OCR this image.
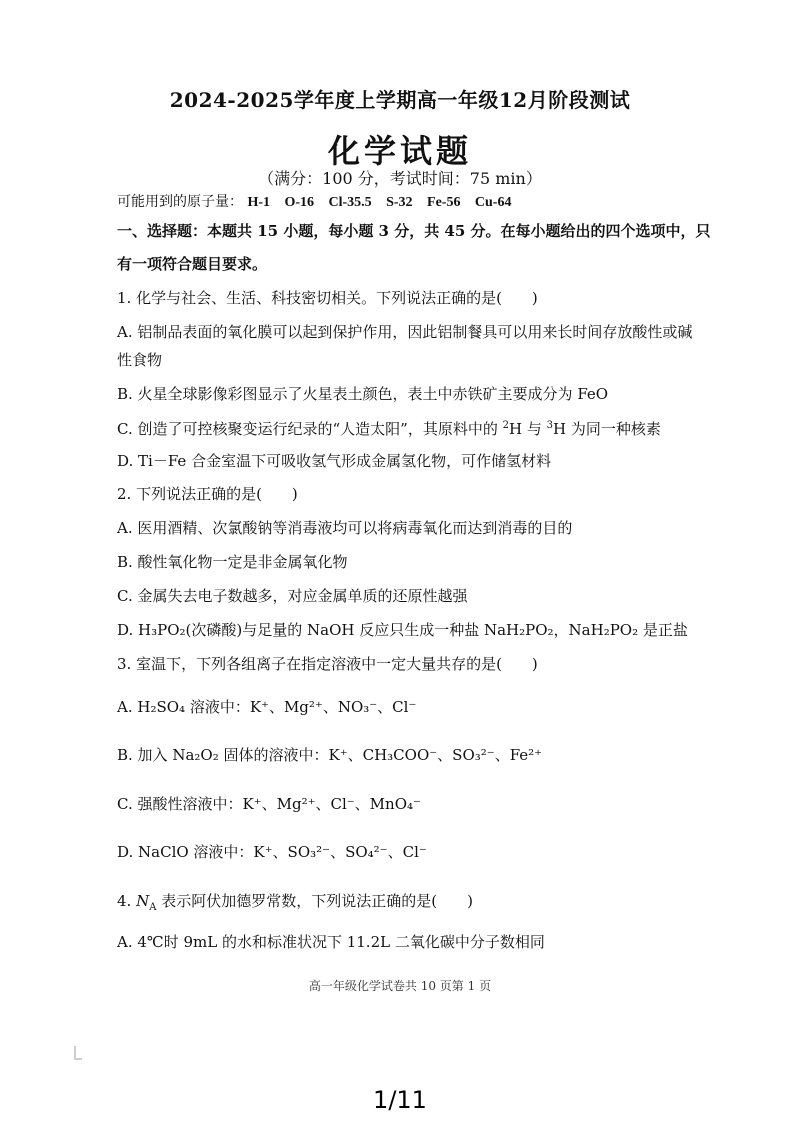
2024-2025学年度上学期高一年级12月阶段测试
化学试题
（满分：100 分，考试时间：75 min）
可能用到的原子量： H-1 O-16 Cl-35.5 S-32 Fe-56 Cu-64
一、选择题：本题共 15 小题，每小题 3 分，共 45 分。在每小题给出的四个选项中，只
有一项符合题目要求。
1. 化学与社会、生活、科技密切相关。下列说法正确的是(　　)
A. 铝制品表面的氧化膜可以起到保护作用，因此铝制餐具可以用来长时间存放酸性或碱
性食物
B. 火星全球影像彩图显示了火星表土颜色，表土中赤铁矿主要成分为 FeO
C. 创造了可控核聚变运行纪录的“人造太阳”，其原料中的 $^2$H 与 $^3$H 为同一种核素
D. Ti－Fe 合金室温下可吸收氢气形成金属氢化物，可作储氢材料
2. 下列说法正确的是(　　)
A. 医用酒精、次氯酸钠等消毒液均可以将病毒氧化而达到消毒的目的
B. 酸性氧化物一定是非金属氧化物
C. 金属失去电子数越多，对应金属单质的还原性越强
D. H₃PO₂(次磷酸)与足量的 NaOH 反应只生成一种盐 NaH₂PO₂，NaH₂PO₂ 是正盐
3. 室温下，下列各组离子在指定溶液中一定大量共存的是(　　)
A. H₂SO₄ 溶液中：K⁺、Mg²⁺、NO₃⁻、Cl⁻
B. 加入 Na₂O₂ 固体的溶液中：K⁺、CH₃COO⁻、SO₃²⁻、Fe²⁺
C. 强酸性溶液中：K⁺、Mg²⁺、Cl⁻、MnO₄⁻
D. NaClO 溶液中：K⁺、SO₃²⁻、SO₄²⁻、Cl⁻
4. $N_A$ 表示阿伏加德罗常数，下列说法正确的是(　　)
A. 4℃时 9mL 的水和标准状况下 11.2L 二氧化碳中分子数相同
高一年级化学试卷共 10 页第 1 页
1/11
